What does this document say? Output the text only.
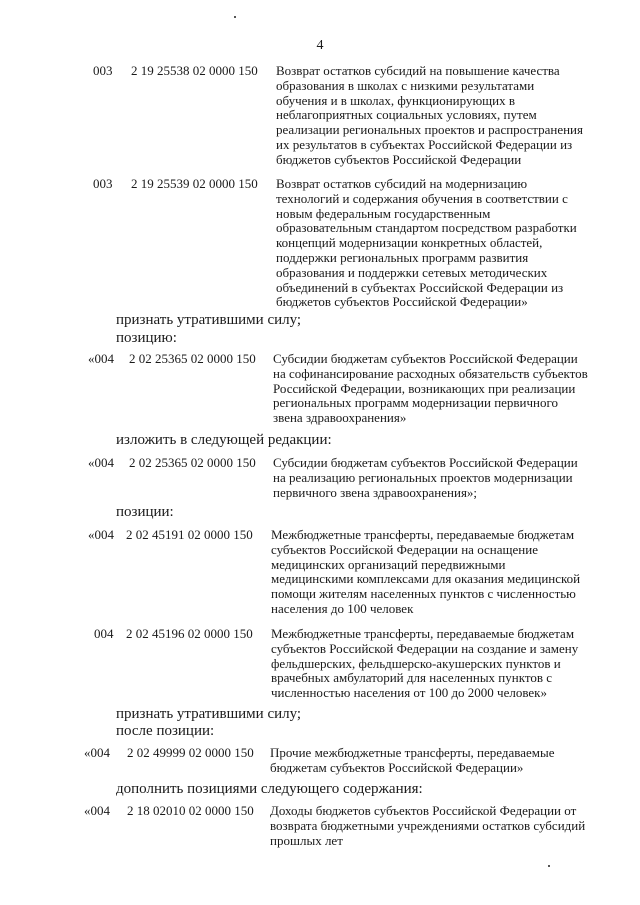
4
003 2 19 25538 02 0000 150 Возврат остатков субсидий на повышение качества образования в школах с низкими результатами обучения и в школах, функционирующих в неблагоприятных социальных условиях, путем реализации региональных проектов и распространения их результатов в субъектах Российской Федерации из бюджетов субъектов Российской Федерации
003 2 19 25539 02 0000 150 Возврат остатков субсидий на модернизацию технологий и содержания обучения в соответствии с новым федеральным государственным образовательным стандартом посредством разработки концепций модернизации конкретных областей, поддержки региональных программ развития образования и поддержки сетевых методических объединений в субъектах Российской Федерации из бюджетов субъектов Российской Федерации»
признать утратившими силу;
позицию:
«004 2 02 25365 02 0000 150 Субсидии бюджетам субъектов Российской Федерации на софинансирование расходных обязательств субъектов Российской Федерации, возникающих при реализации региональных программ модернизации первичного звена здравоохранения»
изложить в следующей редакции:
«004 2 02 25365 02 0000 150 Субсидии бюджетам субъектов Российской Федерации на реализацию региональных проектов модернизации первичного звена здравоохранения»;
позиции:
«004 2 02 45191 02 0000 150 Межбюджетные трансферты, передаваемые бюджетам субъектов Российской Федерации на оснащение медицинских организаций передвижными медицинскими комплексами для оказания медицинской помощи жителям населенных пунктов с численностью населения до 100 человек
004 2 02 45196 02 0000 150 Межбюджетные трансферты, передаваемые бюджетам субъектов Российской Федерации на создание и замену фельдшерских, фельдшерско-акушерских пунктов и врачебных амбулаторий для населенных пунктов с численностью населения от 100 до 2000 человек»
признать утратившими силу;
после позиции:
«004 2 02 49999 02 0000 150 Прочие межбюджетные трансферты, передаваемые бюджетам субъектов Российской Федерации»
дополнить позициями следующего содержания:
«004 2 18 02010 02 0000 150 Доходы бюджетов субъектов Российской Федерации от возврата бюджетными учреждениями остатков субсидий прошлых лет
